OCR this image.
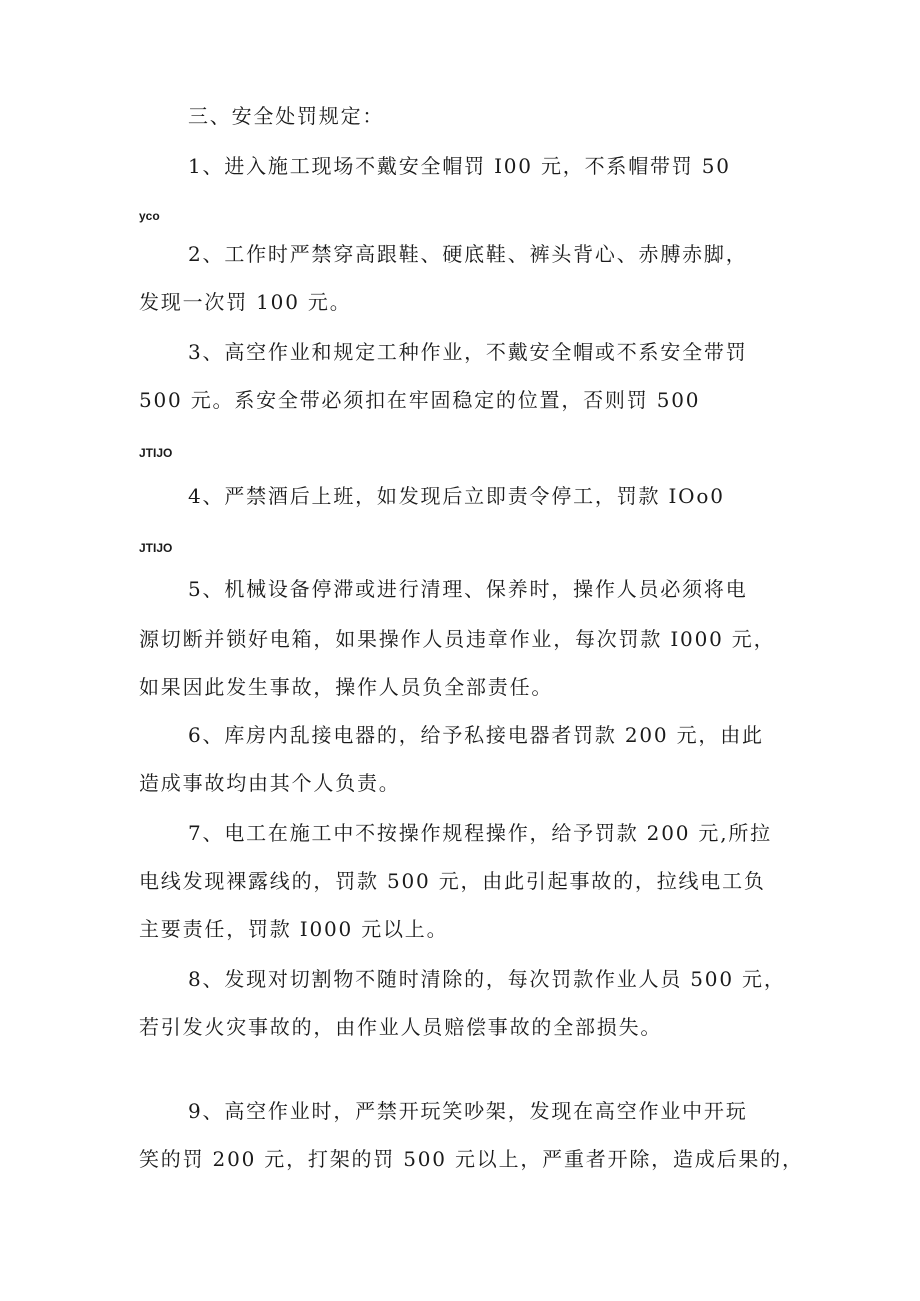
三、安全处罚规定：
1、进入施工现场不戴安全帽罚 I00 元，不系帽带罚 50
yco
2、工作时严禁穿高跟鞋、硬底鞋、裤头背心、赤膊赤脚，
发现一次罚 100 元。
3、高空作业和规定工种作业，不戴安全帽或不系安全带罚
500 元。系安全带必须扣在牢固稳定的位置，否则罚 500
JTIJO
4、严禁酒后上班，如发现后立即责令停工，罚款 IOo0
JTIJO
5、机械设备停滞或进行清理、保养时，操作人员必须将电
源切断并锁好电箱，如果操作人员违章作业，每次罚款 I000 元，
如果因此发生事故，操作人员负全部责任。
6、库房内乱接电器的，给予私接电器者罚款 200 元，由此
造成事故均由其个人负责。
7、电工在施工中不按操作规程操作，给予罚款 200 元,所拉
电线发现裸露线的，罚款 500 元，由此引起事故的，拉线电工负
主要责任，罚款 I000 元以上。
8、发现对切割物不随时清除的，每次罚款作业人员 500 元，
若引发火灾事故的，由作业人员赔偿事故的全部损失。
9、高空作业时，严禁开玩笑吵架，发现在高空作业中开玩
笑的罚 200 元，打架的罚 500 元以上，严重者开除，造成后果的，
